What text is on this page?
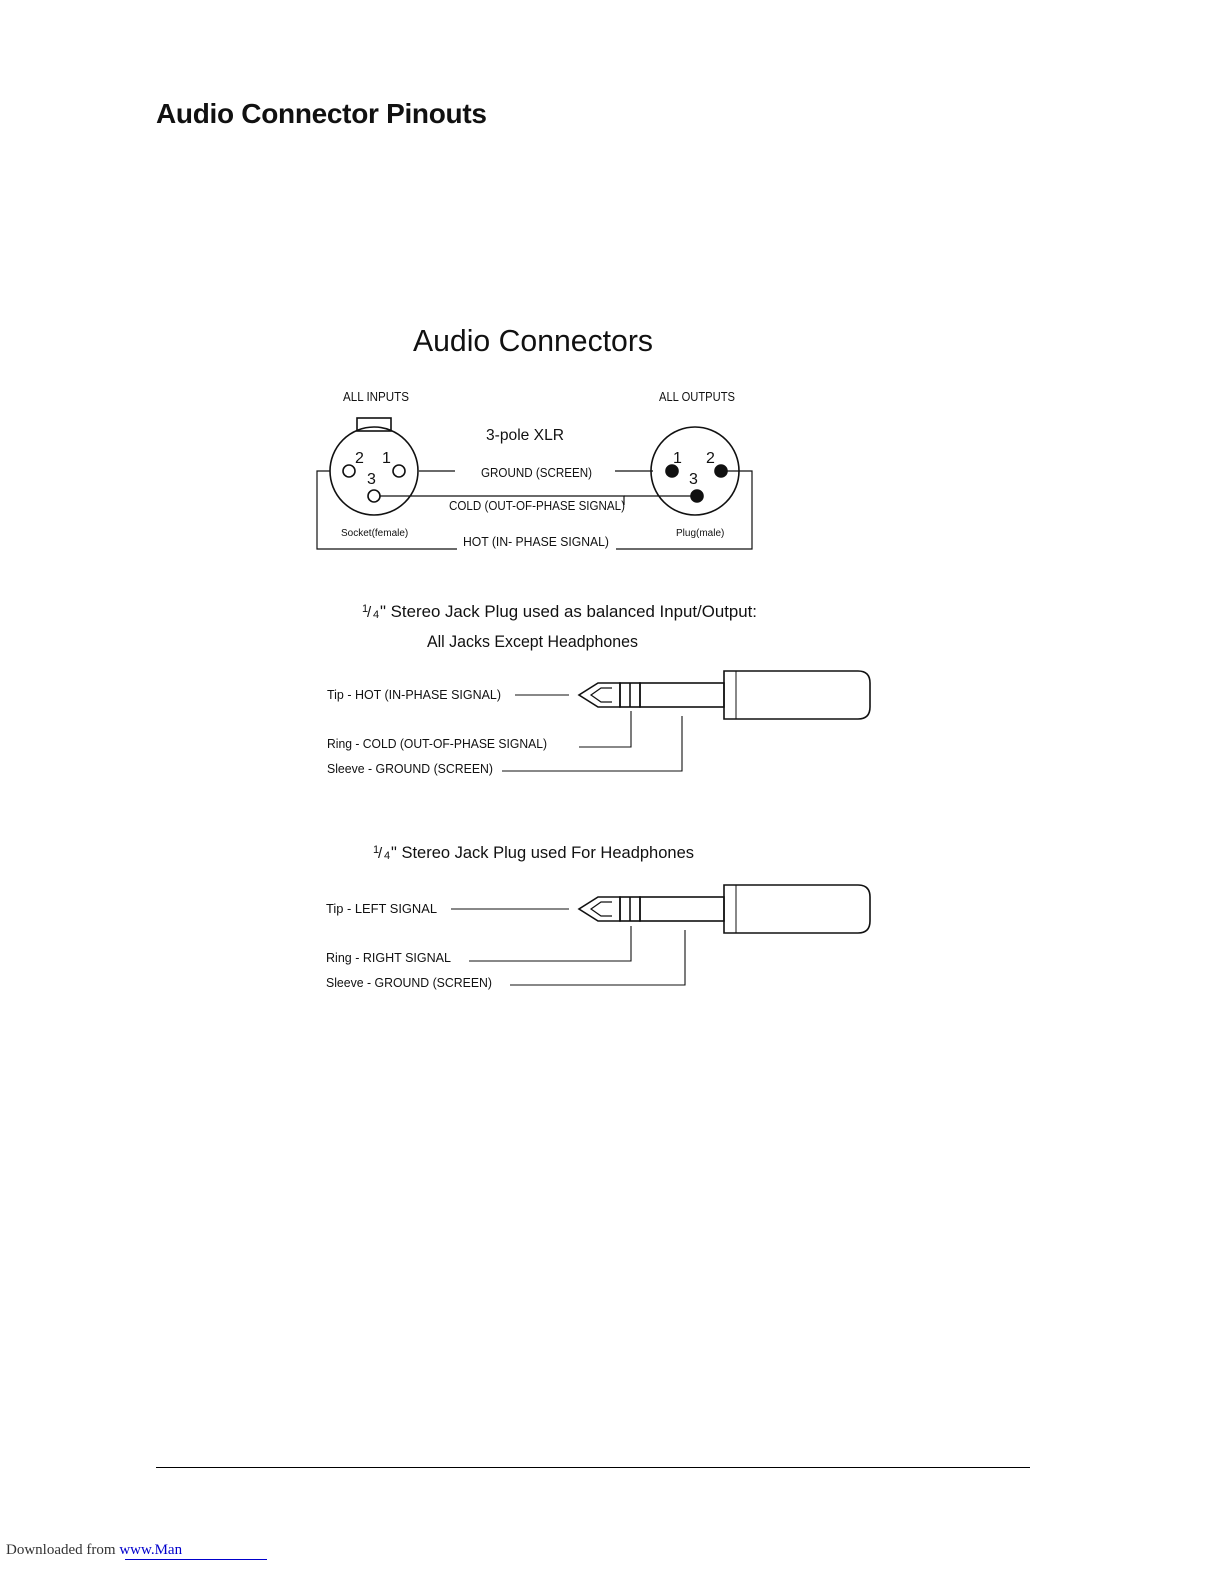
Audio Connector Pinouts
Audio Connectors
ALL INPUTS	ALL OUTPUTS
3-pole XLR
2 1
3
Socket(female)
1 2
3
Plug(male)
GROUND (SCREEN)
COLD (OUT-OF-PHASE SIGNAL)
HOT (IN- PHASE SIGNAL)
1
/ 4 " Stereo Jack Plug used as balanced Input/Output:
All Jacks Except Headphones
Tip - HOT (IN-PHASE SIGNAL)
Ring - COLD (OUT-OF-PHASE SIGNAL)
Sleeve - GROUND (SCREEN)
1
/ 4 " Stereo Jack Plug used For Headphones
Tip - LEFT SIGNAL
Ring - RIGHT SIGNAL
Sleeve - GROUND (SCREEN)
Downloaded from www.Man
